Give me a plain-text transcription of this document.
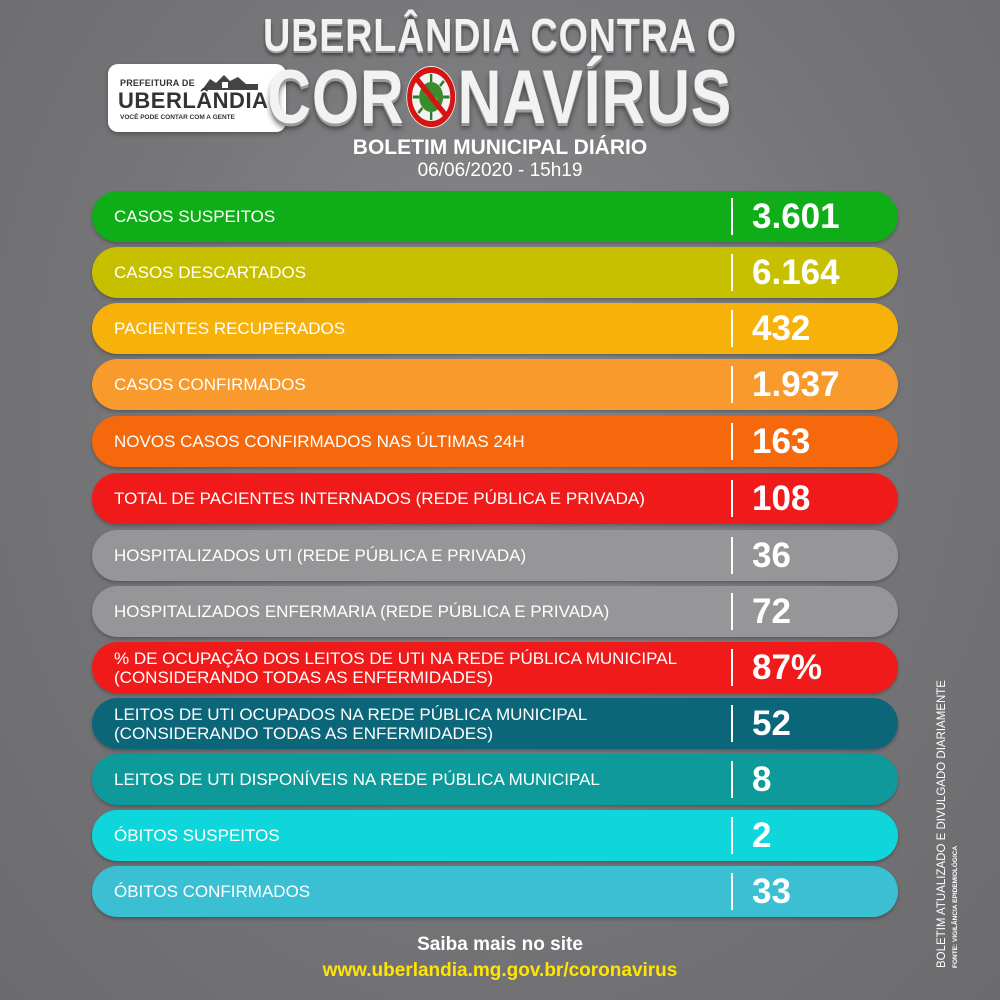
PREFEITURA DE
UBERLÂNDIA
VOCÊ PODE CONTAR COM A GENTE
UBERLÂNDIA CONTRA O
COR NAVÍRUS
BOLETIM MUNICIPAL DIÁRIO
06/06/2020 - 15h19
CASOS SUSPEITOS	3.601
CASOS DESCARTADOS	6.164
PACIENTES RECUPERADOS	432
CASOS CONFIRMADOS	1.937
NOVOS CASOS CONFIRMADOS NAS ÚLTIMAS 24H	163
TOTAL DE PACIENTES INTERNADOS (REDE PÚBLICA E PRIVADA)	108
HOSPITALIZADOS UTI (REDE PÚBLICA E PRIVADA)	36
HOSPITALIZADOS ENFERMARIA (REDE PÚBLICA E PRIVADA)	72
% DE OCUPAÇÃO DOS LEITOS DE UTI NA REDE PÚBLICA MUNICIPAL
(CONSIDERANDO TODAS AS ENFERMIDADES)	87%
LEITOS DE UTI OCUPADOS NA REDE PÚBLICA MUNICIPAL
(CONSIDERANDO TODAS AS ENFERMIDADES)	52
LEITOS DE UTI DISPONÍVEIS NA REDE PÚBLICA MUNICIPAL	8
ÓBITOS SUSPEITOS	2
ÓBITOS CONFIRMADOS	33	BOLETIM ATUALIZADO E DIVULGADO DIARIAMENTE FONTE: VIGILÂNCIA EPIDEMIOLÓGICA
Saiba mais no site
www.uberlandia.mg.gov.br/coronavirus
